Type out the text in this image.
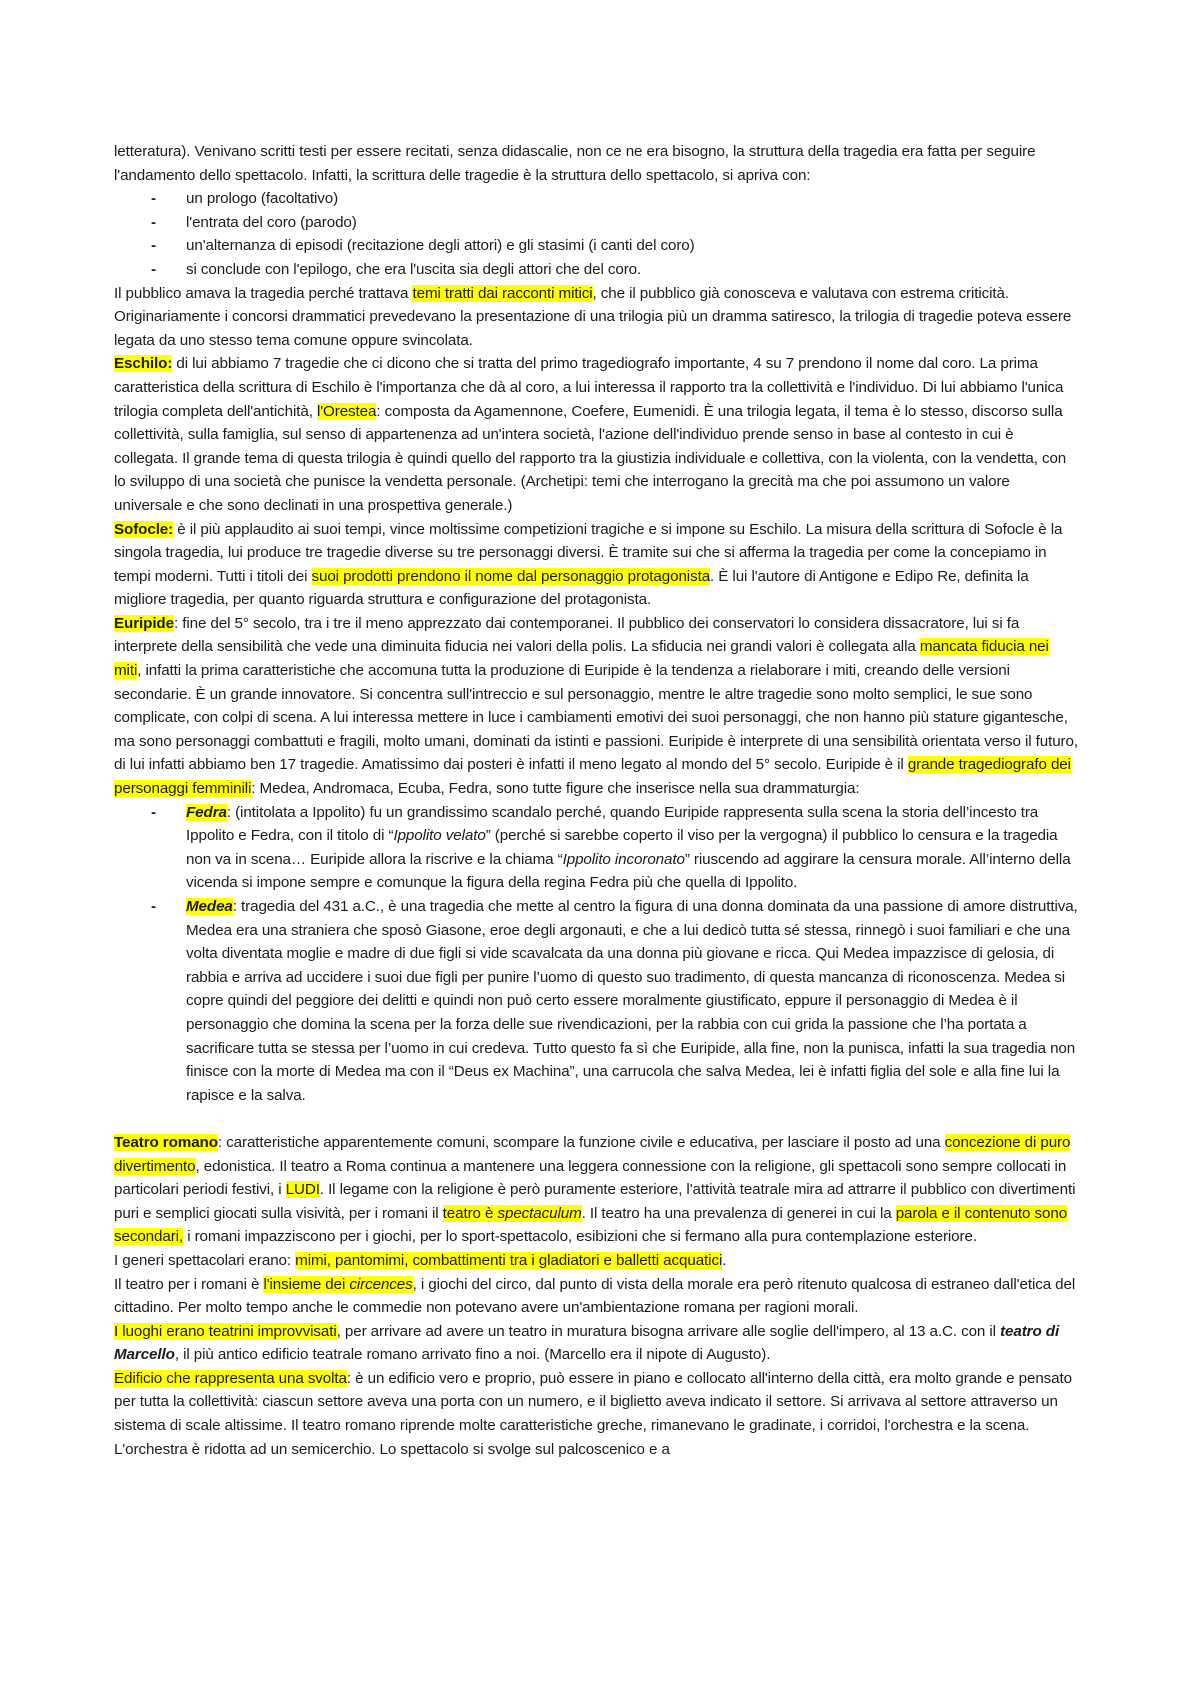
letteratura). Venivano scritti testi per essere recitati, senza didascalie, non ce ne era bisogno, la struttura della tragedia era fatta per seguire l'andamento dello spettacolo. Infatti, la scrittura delle tragedie è la struttura dello spettacolo, si apriva con:

- un prologo (facoltativo)
- l'entrata del coro (parodo)
- un'alternanza di episodi (recitazione degli attori) e gli stasimi (i canti del coro)
- si conclude con l'epilogo, che era l'uscita sia degli attori che del coro.

Il pubblico amava la tragedia perché trattava temi tratti dai racconti mitici, che il pubblico già conosceva e valutava con estrema criticità. Originariamente i concorsi drammatici prevedevano la presentazione di una trilogia più un dramma satiresco, la trilogia di tragedie poteva essere legata da uno stesso tema comune oppure svincolata.

Eschilo: di lui abbiamo 7 tragedie che ci dicono che si tratta del primo tragediografo importante, 4 su 7 prendono il nome dal coro. La prima caratteristica della scrittura di Eschilo è l'importanza che dà al coro, a lui interessa il rapporto tra la collettività e l'individuo. Di lui abbiamo l'unica trilogia completa dell'antichità, l'Orestea: composta da Agamennone, Coefere, Eumenidi. È una trilogia legata, il tema è lo stesso, discorso sulla collettività, sulla famiglia, sul senso di appartenenza ad un'intera società, l'azione dell'individuo prende senso in base al contesto in cui è collegata. Il grande tema di questa trilogia è quindi quello del rapporto tra la giustizia individuale e collettiva, con la violenta, con la vendetta, con lo sviluppo di una società che punisce la vendetta personale. (Archetipi: temi che interrogano la grecità ma che poi assumono un valore universale e che sono declinati in una prospettiva generale.)

Sofocle: è il più applaudito ai suoi tempi, vince moltissime competizioni tragiche e si impone su Eschilo. La misura della scrittura di Sofocle è la singola tragedia, lui produce tre tragedie diverse su tre personaggi diversi. È tramite sui che si afferma la tragedia per come la concepiamo in tempi moderni. Tutti i titoli dei suoi prodotti prendono il nome dal personaggio protagonista. È lui l'autore di Antigone e Edipo Re, definita la migliore tragedia, per quanto riguarda struttura e configurazione del protagonista.

Euripide: fine del 5° secolo, tra i tre il meno apprezzato dai contemporanei. Il pubblico dei conservatori lo considera dissacratore, lui si fa interprete della sensibilità che vede una diminuita fiducia nei valori della polis. La sfiducia nei grandi valori è collegata alla mancata fiducia nei miti, infatti la prima caratteristiche che accomuna tutta la produzione di Euripide è la tendenza a rielaborare i miti, creando delle versioni secondarie. È un grande innovatore. Si concentra sull'intreccio e sul personaggio, mentre le altre tragedie sono molto semplici, le sue sono complicate, con colpi di scena. A lui interessa mettere in luce i cambiamenti emotivi dei suoi personaggi, che non hanno più stature gigantesche, ma sono personaggi combattuti e fragili, molto umani, dominati da istinti e passioni. Euripide è interprete di una sensibilità orientata verso il futuro, di lui infatti abbiamo ben 17 tragedie. Amatissimo dai posteri è infatti il meno legato al mondo del 5° secolo. Euripide è il grande tragediografo dei personaggi femminili: Medea, Andromaca, Ecuba, Fedra, sono tutte figure che inserisce nella sua drammaturgia:

- Fedra: (intitolata a Ippolito) fu un grandissimo scandalo perché, quando Euripide rappresenta sulla scena la storia dell’incesto tra Ippolito e Fedra, con il titolo di “Ippolito velato” (perché si sarebbe coperto il viso per la vergogna) il pubblico lo censura e la tragedia non va in scena… Euripide allora la riscrive e la chiama “Ippolito incoronato” riuscendo ad aggirare la censura morale. All’interno della vicenda si impone sempre e comunque la figura della regina Fedra più che quella di Ippolito.
- Medea: tragedia del 431 a.C., è una tragedia che mette al centro la figura di una donna dominata da una passione di amore distruttiva, Medea era una straniera che sposò Giasone, eroe degli argonauti, e che a lui dedicò tutta sé stessa, rinnegò i suoi familiari e che una volta diventata moglie e madre di due figli si vide scavalcata da una donna più giovane e ricca. Qui Medea impazzisce di gelosia, di rabbia e arriva ad uccidere i suoi due figli per punire l’uomo di questo suo tradimento, di questa mancanza di riconoscenza. Medea si copre quindi del peggiore dei delitti e quindi non può certo essere moralmente giustificato, eppure il personaggio di Medea è il personaggio che domina la scena per la forza delle sue rivendicazioni, per la rabbia con cui grida la passione che l’ha portata a sacrificare tutta se stessa per l’uomo in cui credeva. Tutto questo fa sì che Euripide, alla fine, non la punisca, infatti la sua tragedia non finisce con la morte di Medea ma con il “Deus ex Machina”, una carrucola che salva Medea, lei è infatti figlia del sole e alla fine lui la rapisce e la salva.

Teatro romano: caratteristiche apparentemente comuni, scompare la funzione civile e educativa, per lasciare il posto ad una concezione di puro divertimento, edonistica. Il teatro a Roma continua a mantenere una leggera connessione con la religione, gli spettacoli sono sempre collocati in particolari periodi festivi, i LUDI. Il legame con la religione è però puramente esteriore, l'attività teatrale mira ad attrarre il pubblico con divertimenti puri e semplici giocati sulla visività, per i romani il teatro è spectaculum. Il teatro ha una prevalenza di generei in cui la parola e il contenuto sono secondari, i romani impazziscono per i giochi, per lo sport-spettacolo, esibizioni che si fermano alla pura contemplazione esteriore.

I generi spettacolari erano: mimi, pantomimi, combattimenti tra i gladiatori e balletti acquatici.

Il teatro per i romani è l'insieme dei circences, i giochi del circo, dal punto di vista della morale era però ritenuto qualcosa di estraneo dall'etica del cittadino. Per molto tempo anche le commedie non potevano avere un'ambientazione romana per ragioni morali.

I luoghi erano teatrini improvvisati, per arrivare ad avere un teatro in muratura bisogna arrivare alle soglie dell'impero, al 13 a.C. con il teatro di Marcello, il più antico edificio teatrale romano arrivato fino a noi. (Marcello era il nipote di Augusto).

Edificio che rappresenta una svolta: è un edificio vero e proprio, può essere in piano e collocato all'interno della città, era molto grande e pensato per tutta la collettività: ciascun settore aveva una porta con un numero, e il biglietto aveva indicato il settore. Si arrivava al settore attraverso un sistema di scale altissime. Il teatro romano riprende molte caratteristiche greche, rimanevano le gradinate, i corridoi, l'orchestra e la scena. L'orchestra è ridotta ad un semicerchio. Lo spettacolo si svolge sul palcoscenico e a
